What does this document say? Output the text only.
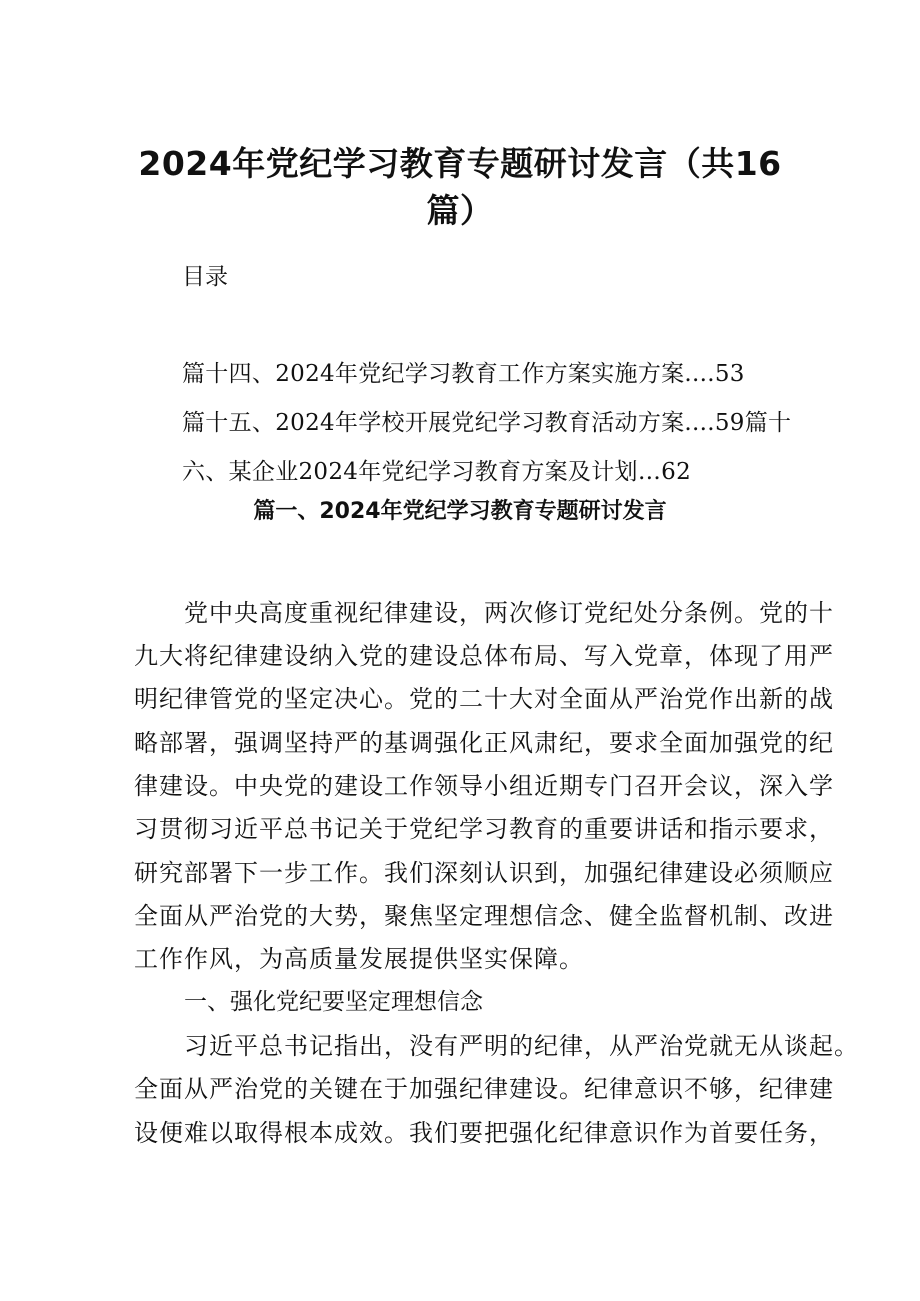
2024年党纪学习教育专题研讨发言（共16
篇）
目录
篇十四、2024年党纪学习教育工作方案实施方案....53
篇十五、2024年学校开展党纪学习教育活动方案....59篇十
六、某企业2024年党纪学习教育方案及计划…62
篇一、2024年党纪学习教育专题研讨发言
党中央高度重视纪律建设，两次修订党纪处分条例。党的十
九大将纪律建设纳入党的建设总体布局、写入党章，体现了用严
明纪律管党的坚定决心。党的二十大对全面从严治党作出新的战
略部署，强调坚持严的基调强化正风肃纪，要求全面加强党的纪
律建设。中央党的建设工作领导小组近期专门召开会议，深入学
习贯彻习近平总书记关于党纪学习教育的重要讲话和指示要求，
研究部署下一步工作。我们深刻认识到，加强纪律建设必须顺应
全面从严治党的大势，聚焦坚定理想信念、健全监督机制、改进
工作作风，为高质量发展提供坚实保障。
一、强化党纪要坚定理想信念
习近平总书记指出，没有严明的纪律，从严治党就无从谈起。
全面从严治党的关键在于加强纪律建设。纪律意识不够，纪律建
设便难以取得根本成效。我们要把强化纪律意识作为首要任务，
